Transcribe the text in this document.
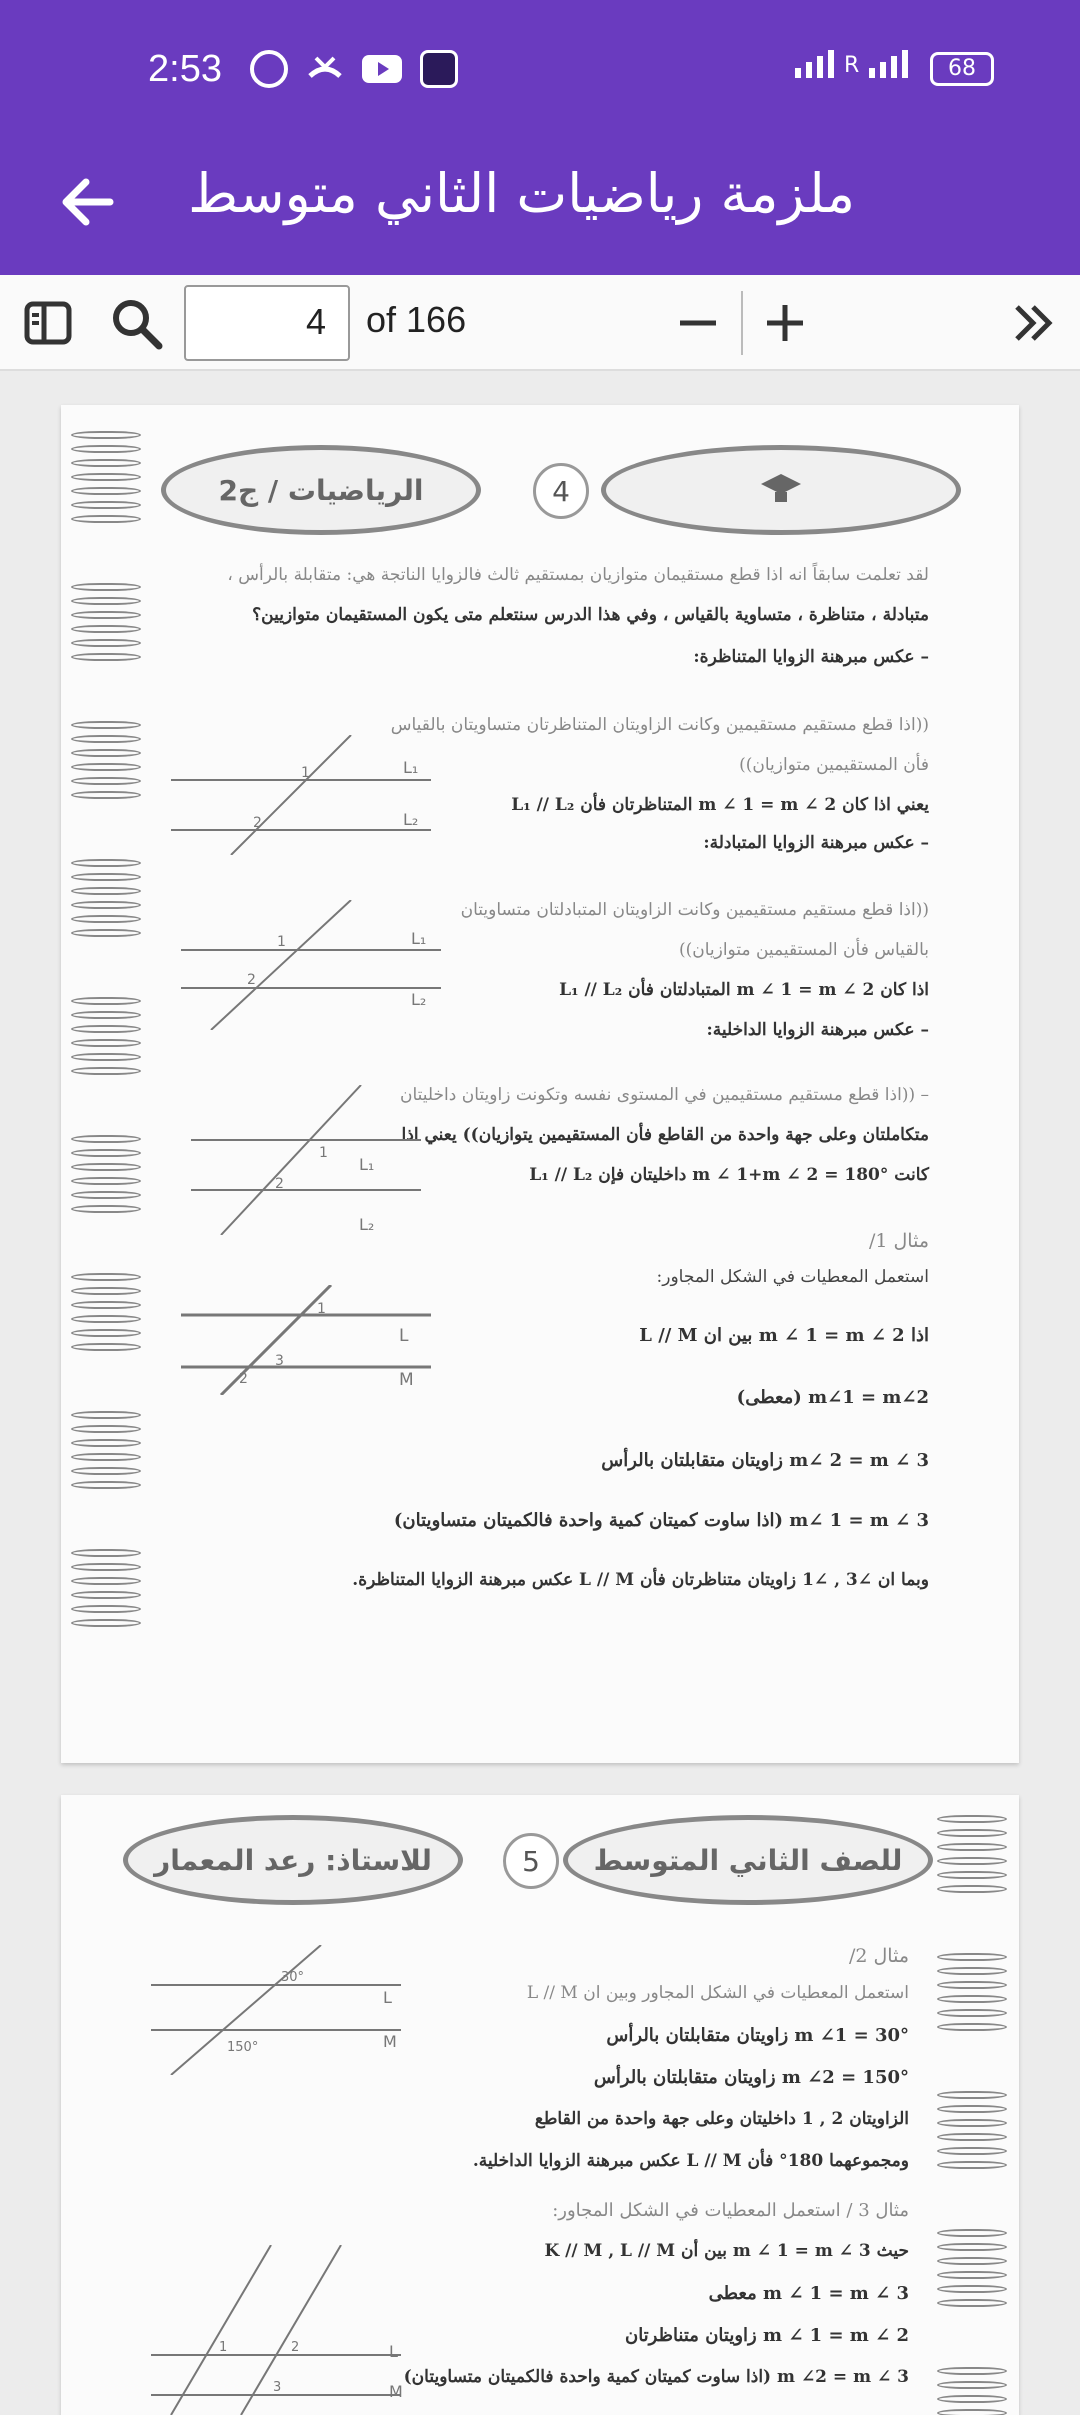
2:53	R	68
ملزمة رياضيات الثاني متوسط
4	of 166
الرياضيات / ج2	4
لقد تعلمت سابقاً انه اذا قطع مستقيمان متوازيان بمستقيم ثالث فالزوايا الناتجة هي: متقابلة بالرأس ،
متبادلة ، متناظرة ، متساوية بالقياس ، وفي هذا الدرس سنتعلم متى يكون المستقيمان متوازيين؟
– عكس مبرهنة الزوايا المتناظرة:
((اذا قطع مستقيم مستقيمين وكانت الزاويتان المتناظرتان متساويتان بالقياس
فأن المستقيمين متوازيان))
يعني اذا كان m ∠ 1 = m ∠ 2 المتناظرتان فأن L₁ // L₂
– عكس مبرهنة الزوايا المتبادلة:
((اذا قطع مستقيم مستقيمين وكانت الزاويتان المتبادلتان متساويتان
بالقياس فأن المستقيمين متوازيان))
اذا كان m ∠ 1 = m ∠ 2 المتبادلتان فأن L₁ // L₂
– عكس مبرهنة الزوايا الداخلية:
– ((اذا قطع مستقيم مستقيمين في المستوى نفسه وتكونت زاويتان داخليتان
متكاملتان وعلى جهة واحدة من القاطع فأن المستقيمين يتوازيان)) يعني اذا
كانت m ∠ 1+m ∠ 2 = 180° داخليتان فإن L₁ // L₂
مثال 1/
استعمل المعطيات في الشكل المجاور:
اذا m ∠ 1 = m ∠ 2 بين ان L // M
m∠1 = m∠2 (معطى)
m∠ 2 = m ∠ 3 زاويتان متقابلتان بالرأس
m∠ 1 = m ∠ 3 (اذا ساوت كميتان كمية واحدة فالكميتان متساويتان)
وبما ان ∠3 , ∠1 زاويتان متناظرتان فأن L // M عكس مبرهنة الزوايا المتناظرة.
L₁
L₂
1
2
L₁
L₂
1
2
L₁
L₂
1
2
L
M
1
3
2
للاستاذ: رعد المعمار	5	للصف الثاني المتوسط
مثال 2/
استعمل المعطيات في الشكل المجاور وبين ان L // M
m ∠1 = 30° زاويتان متقابلتان بالرأس
m ∠2 = 150° زاويتان متقابلتان بالرأس
الزاويتان 2 , 1 داخليتان وعلى جهة واحدة من القاطع
ومجموعهما 180° فأن L // M عكس مبرهنة الزوايا الداخلية.
مثال 3 / استعمل المعطيات في الشكل المجاور:
حيث m ∠ 1 = m ∠ 3 بين أن K // M , L // M
m ∠ 1 = m ∠ 3 معطى
m ∠ 1 = m ∠ 2 زاويتان متناظرتان
m ∠2 = m ∠ 3 (اذا ساوت كميتان كمية واحدة فالكميتان متساويتان)
L
M
30°
150°
L
M
1	2
3
